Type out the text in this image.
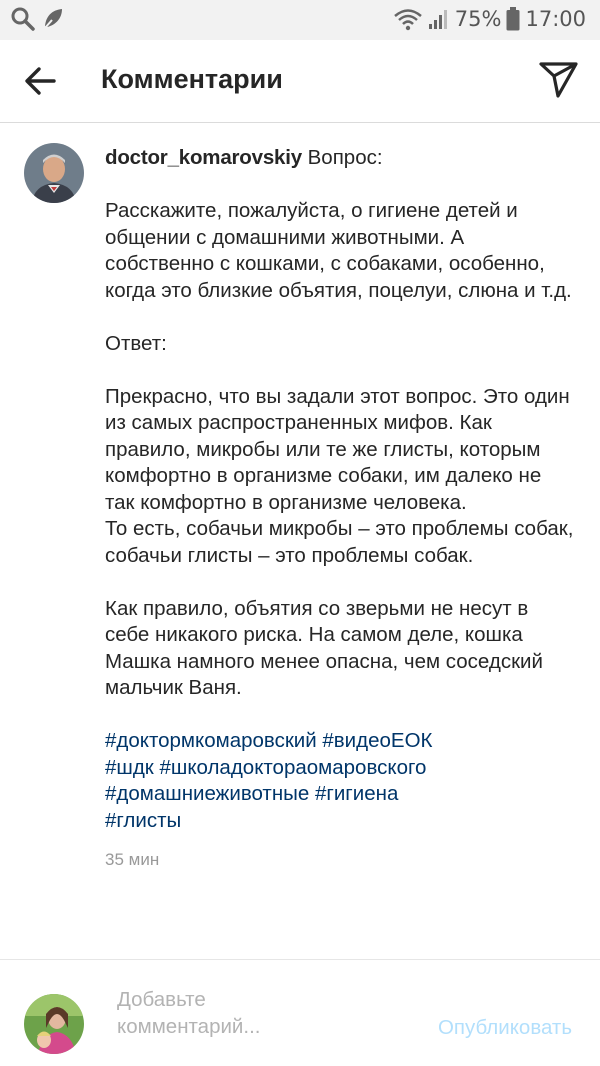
75% 17:00
Комментарии
doctor_komarovskiy Вопрос:

Расскажите, пожалуйста, о гигиене детей и общении с домашними животными. А собственно с кошками, с собаками, особенно, когда это близкие объятия, поцелуи, слюна и т.д.

Ответ:

Прекрасно, что вы задали этот вопрос. Это один из самых распространенных мифов. Как правило, микробы или те же глисты, которым комфортно в организме собаки, им далеко не так комфортно в организме человека.
То есть, собачьи микробы – это проблемы собак, собачьи глисты – это проблемы собак.

Как правило, объятия со зверьми не несут в себе никакого риска. На самом деле, кошка Машка намного менее опасна, чем соседский мальчик Ваня.

#доктормкомаровский #видеоЕОК
#шдк #школадоктораомаровского
#домашниеживотные #гигиена
#глисты
35 мин
Добавьте
комментарий...	Опубликовать
